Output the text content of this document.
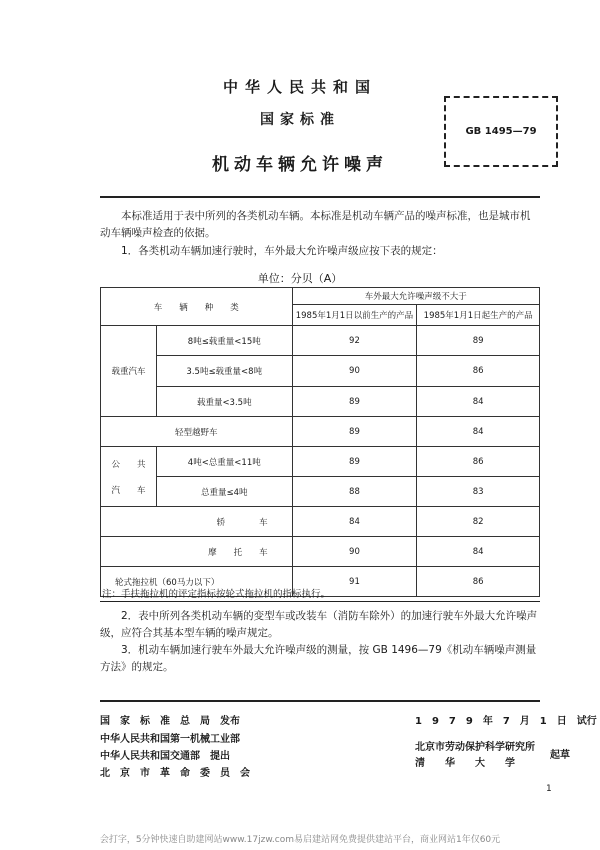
中华人民共和国
国家标准
机动车辆允许噪声
GB 1495—79
本标准适用于表中所列的各类机动车辆。本标准是机动车辆产品的噪声标准，也是城市机动车辆噪声检查的依据。
1．各类机动车辆加速行驶时，车外最大允许噪声级应按下表的规定：
单位：分贝（A）
车　　辆　　种　　类		车外最大允许噪声级不大于	
		1985年1月1日以前生产的产品	1985年1月1日起生产的产品
载重汽车	8吨≤载重量<15吨	92	89
	3.5吨≤载重量<8吨	90	86
	载重量<3.5吨	89	84
轻型越野车		89	84

公　　共
汽　　车	4吨<总重量<11吨	89	86
	总重量≤4吨	88	83
轿　　　　车		84	82
摩　　托　　车		90	84
轮式拖拉机（60马力以下）		91	86
注：手扶拖拉机的评定指标按轮式拖拉机的指标执行。
2．表中所列各类机动车辆的变型车或改装车（消防车除外）的加速行驶车外最大允许噪声级，应符合其基本型车辆的噪声规定。
3．机动车辆加速行驶车外最大允许噪声级的测量，按 GB 1496—79《机动车辆噪声测量方法》的规定。
国　家　标　准　总　局　发布
中华人民共和国第一机械工业部
中华人民共和国交通部　提出
北　京　市　革　命　委　员　会
1　9　7　9　年　7　月　1　日　试行
北京市劳动保护科学研究所
起草
清　　华　　大　　学
1
会打字，5分钟快速自助建网站www.17jzw.com易启建站网免费提供建站平台，商业网站1年仅60元
